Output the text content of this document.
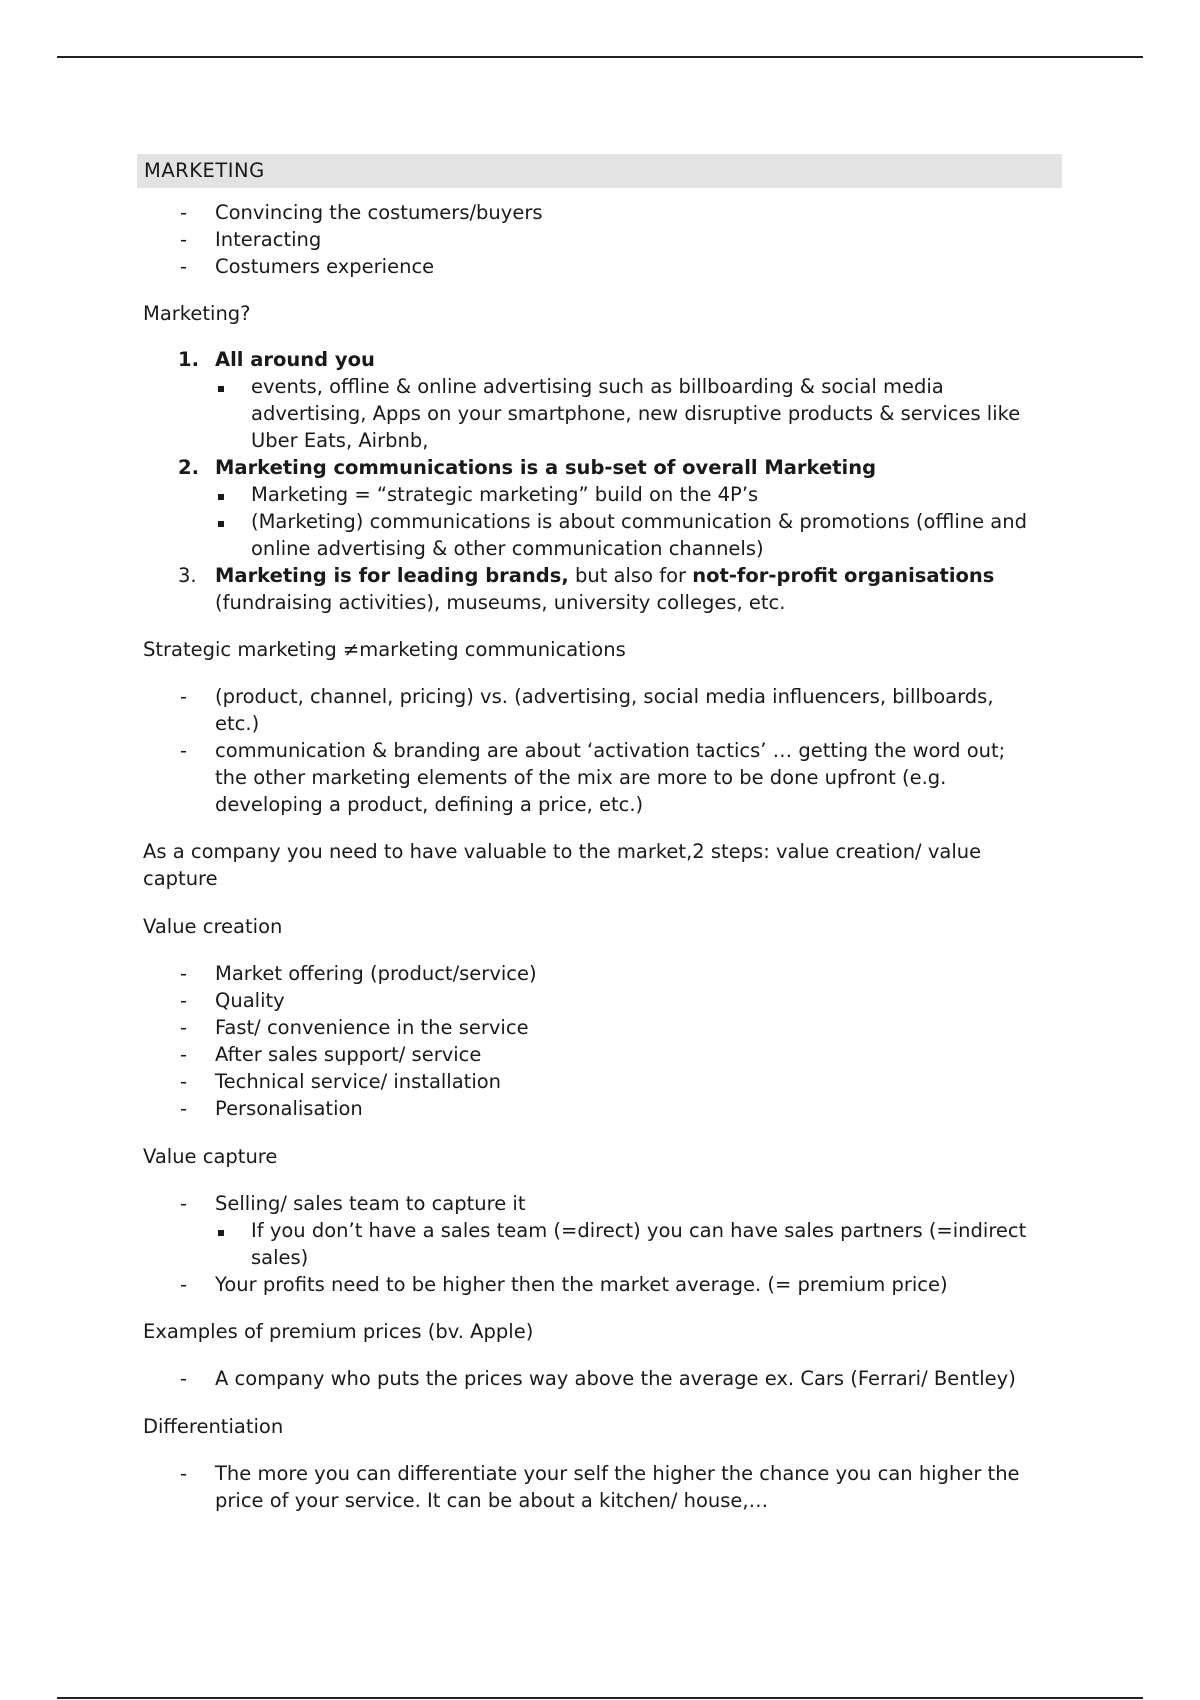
MARKETING
- Convincing the costumers/buyers
- Interacting
- Costumers experience
Marketing?
1. All around you
events, offline & online advertising such as billboarding & social media
advertising, Apps on your smartphone, new disruptive products & services like
Uber Eats, Airbnb,
2. Marketing communications is a sub-set of overall Marketing
Marketing = “strategic marketing” build on the 4P’s
(Marketing) communications is about communication & promotions (offline and
online advertising & other communication channels)
3. Marketing is for leading brands, but also for not-for-profit organisations
(fundraising activities), museums, university colleges, etc.
Strategic marketing ≠marketing communications
- (product, channel, pricing) vs. (advertising, social media influencers, billboards,
etc.)
- communication & branding are about ‘activation tactics’ … getting the word out;
the other marketing elements of the mix are more to be done upfront (e.g.
developing a product, defining a price, etc.)
As a company you need to have valuable to the market,2 steps: value creation/ value
capture
Value creation
- Market offering (product/service)
- Quality
- Fast/ convenience in the service
- After sales support/ service
- Technical service/ installation
- Personalisation
Value capture
- Selling/ sales team to capture it
If you don’t have a sales team (=direct) you can have sales partners (=indirect
sales)
- Your profits need to be higher then the market average. (= premium price)
Examples of premium prices (bv. Apple)
- A company who puts the prices way above the average ex. Cars (Ferrari/ Bentley)
Differentiation
- The more you can differentiate your self the higher the chance you can higher the
price of your service. It can be about a kitchen/ house,…
